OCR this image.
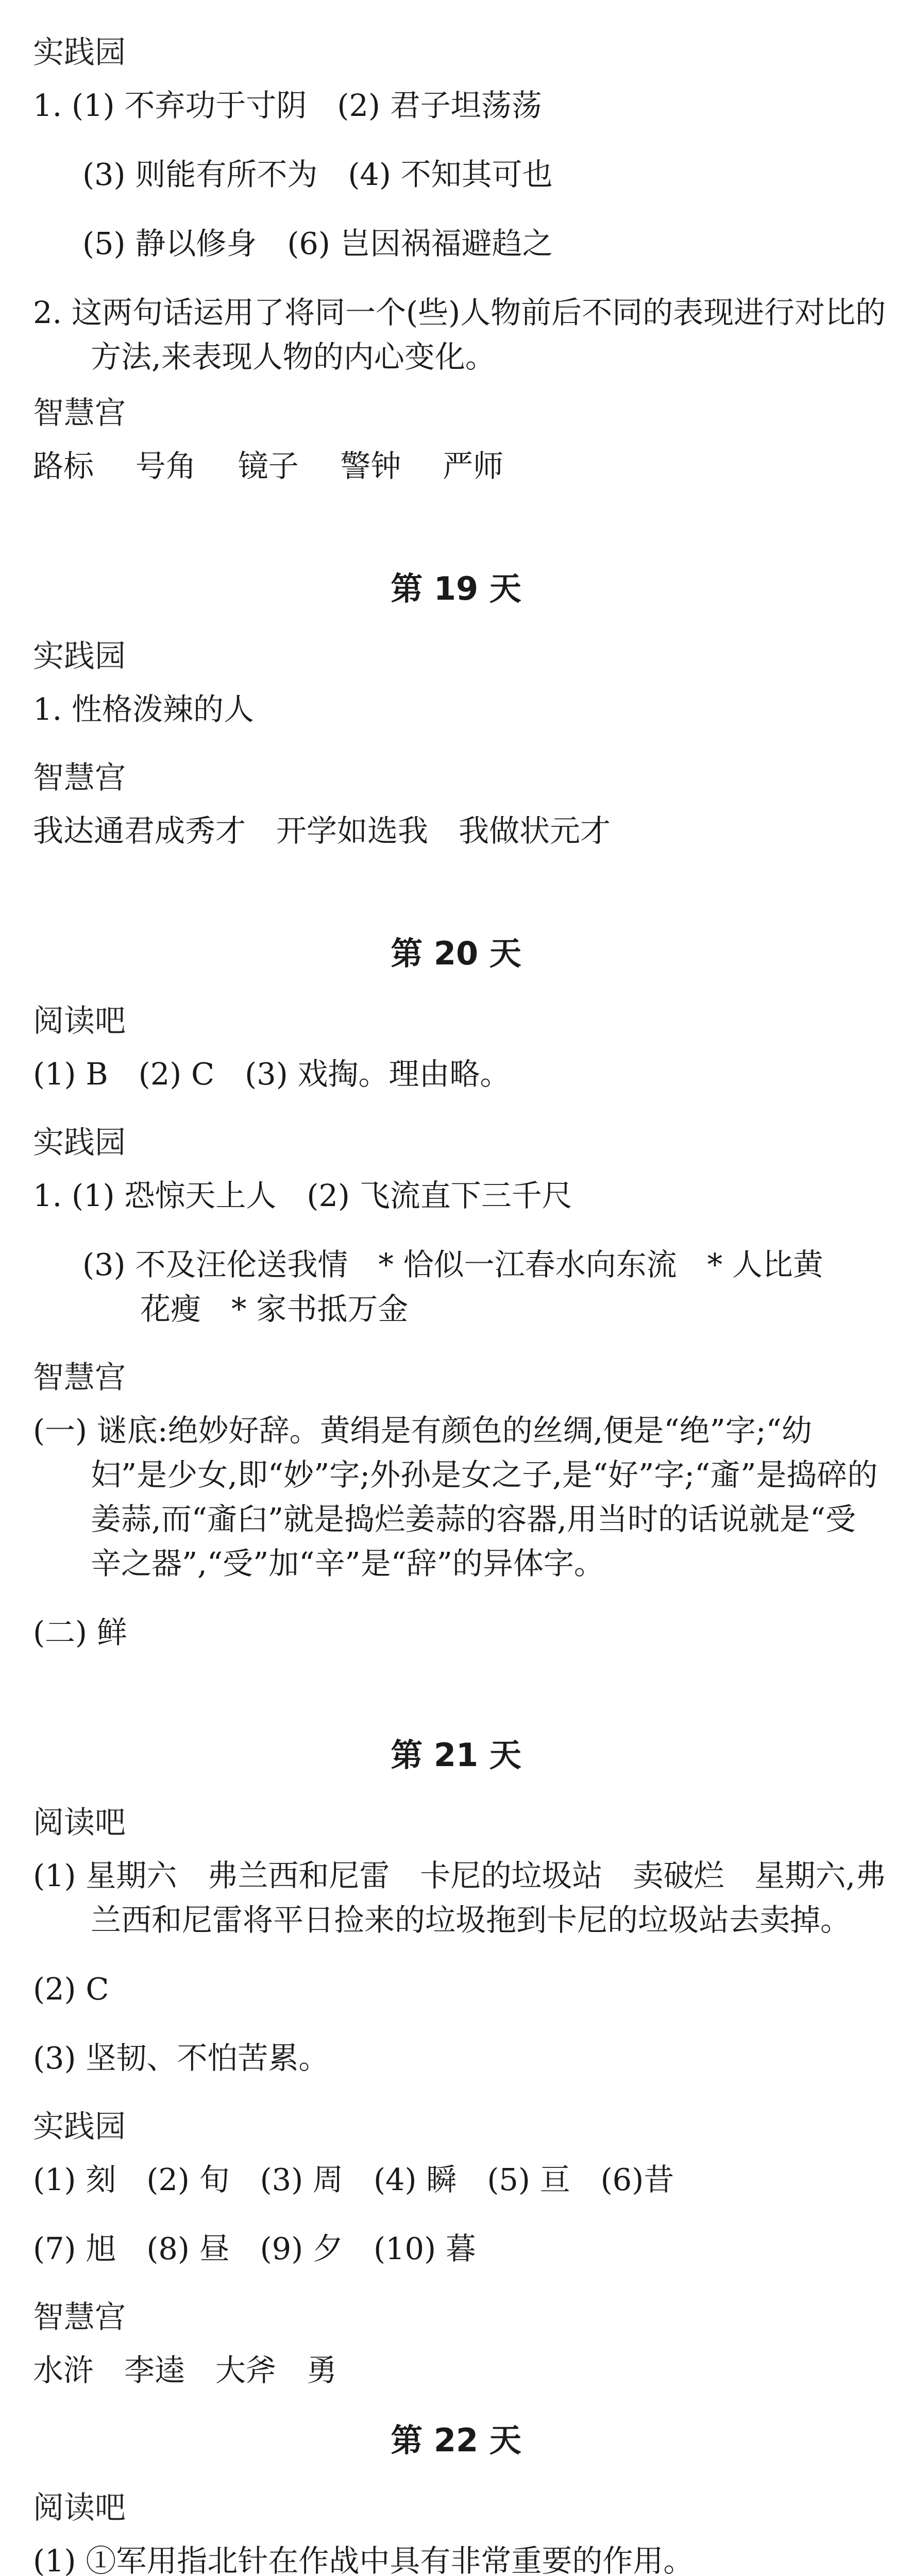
实践园
1. (1) 不弃功于寸阴　(2) 君子坦荡荡
(3) 则能有所不为　(4) 不知其可也
(5) 静以修身　(6) 岂因祸福避趋之
2. 这两句话运用了将同一个(些)人物前后不同的表现进行对比的方法,来表现人物的内心变化。
智慧宫
路标 号角 镜子 警钟 严师
第 19 天
实践园
1. 性格泼辣的人
智慧宫
我达通君成秀才　开学如选我　我做状元才
第 20 天
阅读吧
(1) B　(2) C　(3) 戏掏。理由略。
实践园
1. (1) 恐惊天上人　(2) 飞流直下三千尺
(3) 不及汪伦送我情　* 恰似一江春水向东流　* 人比黄花瘦　* 家书抵万金
智慧宫
(一) 谜底:绝妙好辞。黄绢是有颜色的丝绸,便是“绝”字;“幼妇”是少女,即“妙”字;外孙是女之子,是“好”字;“齑”是捣碎的姜蒜,而“齑臼”就是捣烂姜蒜的容器,用当时的话说就是“受辛之器”,“受”加“辛”是“辞”的异体字。
(二) 鲜
第 21 天
阅读吧
(1) 星期六　弗兰西和尼雷　卡尼的垃圾站　卖破烂　星期六,弗兰西和尼雷将平日捡来的垃圾拖到卡尼的垃圾站去卖掉。
(2) C
(3) 坚韧、不怕苦累。
实践园
(1) 刻　(2) 旬　(3) 周　(4) 瞬　(5) 亘　(6)昔
(7) 旭　(8) 昼　(9) 夕　(10) 暮
智慧宫
水浒　李逵　大斧　勇
第 22 天
阅读吧
(1) ①军用指北针在作战中具有非常重要的作用。
